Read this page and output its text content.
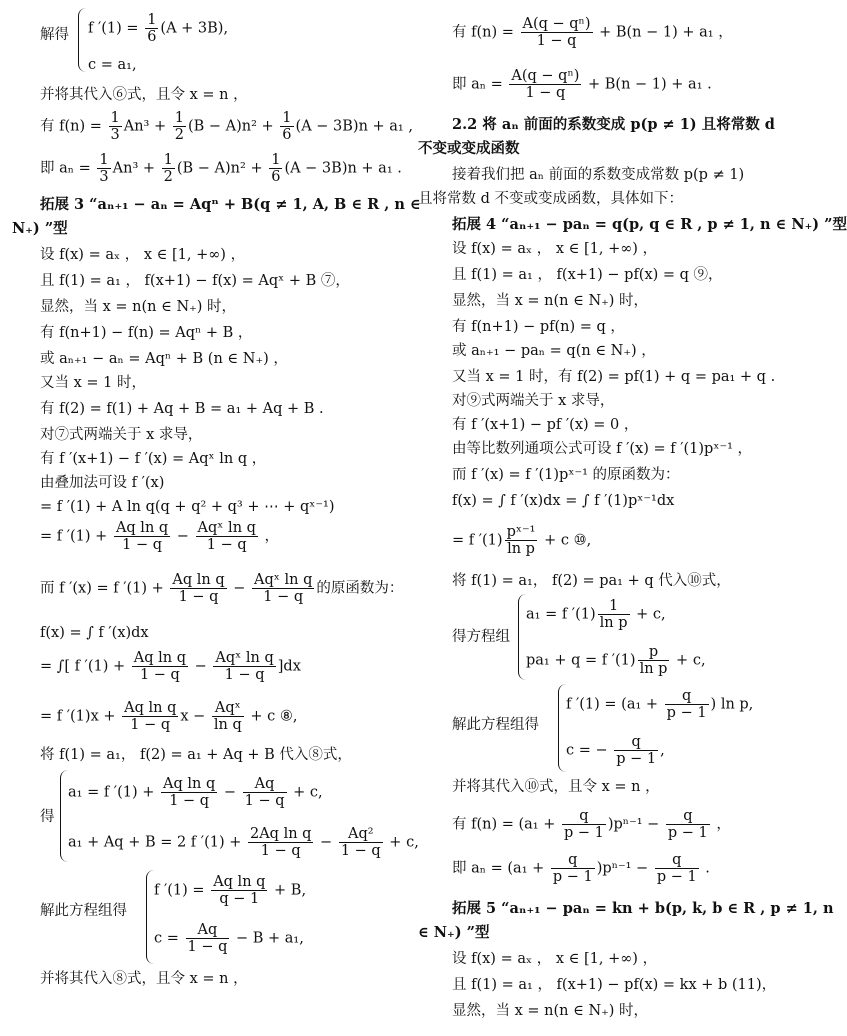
解得 f $'(1) = \frac{1}{6} (A + 3B)$,
c = a₁,
并将其代入⑥式，且令 x = n ，
有 $f(n) = \frac{1}{3} An^3 + \frac{1}{2} (B - A)n^2 + \frac{1}{6} (A - 3B)n + a_1$ ,
即 $a_n = \frac{1}{3} An^3 + \frac{1}{2} (B - A)n^2 + \frac{1}{6} (A - 3B)n + a_1$ .
拓展 3 “aₙ₊₁ − aₙ = Aqⁿ + B(q ≠ 1, A, B ∈ R , n ∈
N₊) ”型
设 f(x) = aₓ ， x ∈ [1, +∞) ，
且 f(1) = a₁ ， f(x+1) − f(x) = Aqˣ + B ⑦，
显然，当 x = n(n ∈ N₊) 时，
有 f(n+1) − f(n) = Aqⁿ + B ，
或 aₙ₊₁ − aₙ = Aqⁿ + B (n ∈ N₊) ，
又当 x = 1 时，
有 f(2) = f(1) + Aq + B = a₁ + Aq + B .
对⑦式两端关于 x 求导，
有 f ′(x+1) − f ′(x) = Aqˣ ln q ，
由叠加法可设 f ′(x)
= f ′(1) + A ln q(q + q² + q³ + ⋯ + qˣ⁻¹)
= f $'(1) + \frac{\text{Aq ln q}}{1 - q} - \frac{\text{Aqˣ ln q}}{1 - q}$ ，
而 f ′(x) = f $'(1) + \frac{\text{Aq ln q}}{1 - q} - \frac{\text{Aqˣ ln q}}{1 - q}$ 的原函数为：
f(x) = ∫ f ′(x)dx
= ∫[ f $'(1) + \frac{\text{Aq ln q}}{1 - q} - \frac{\text{Aqˣ ln q}}{1 - q} ]dx$
= f $'(1)x + \frac{\text{Aq ln q}}{1 - q}$ $x - \frac{\text{Aqˣ}}{\text{ln q}} + c$ ⑧,
将 f(1) = a₁， f(2) = a₁ + Aq + B 代入⑧式，
得
a₁ = f $'(1) + \frac{\text{Aq ln q}}{1 - q} - \frac{Aq}{1 - q} + c$,
a₁ + Aq + B = 2 f $'(1) + \frac{\text{2Aq ln q}}{1 - q} - \frac{\text{Aq²}}{1 - q} + c$,
解此方程组得
f $'(1) = \frac{\text{Aq ln q}}{q - 1} + B$,
$c = \frac{Aq}{1 - q} - B + a_1$,
并将其代入⑧式，且令 x = n ，
有 $f(n) = \frac{\text{A(q − qⁿ)}}{1 - q} + B(n - 1) + a_1$ ，
即 $a_n = \frac{\text{A(q − qⁿ)}}{1 - q} + B(n - 1) + a_1$ .
2.2 将 aₙ 前面的系数变成 p(p ≠ 1) 且将常数 d
不变或变成函数
接着我们把 aₙ 前面的系数变成常数 p(p ≠ 1)
且将常数 d 不变或变成函数，具体如下：
拓展 4 “aₙ₊₁ − paₙ = q(p, q ∈ R , p ≠ 1, n ∈ N₊) ”型
设 f(x) = aₓ ， x ∈ [1, +∞) ，
且 f(1) = a₁ ， f(x+1) − pf(x) = q ⑨，
显然，当 x = n(n ∈ N₊) 时，
有 f(n+1) − pf(n) = q ，
或 aₙ₊₁ − paₙ = q(n ∈ N₊) ，
又当 x = 1 时，有 f(2) = pf(1) + q = pa₁ + q .
对⑨式两端关于 x 求导，
有 f ′(x+1) − pf ′(x) = 0 ，
由等比数列通项公式可设 f ′(x) = f ′(1)pˣ⁻¹ ，
而 f ′(x) = f ′(1)pˣ⁻¹ 的原函数为：
f(x) = ∫ f ′(x)dx = ∫ f ′(1)pˣ⁻¹dx
= f $'(1) \frac{\text{pˣ⁻¹}}{\text{ln p}} + c$ ⑩,
将 f(1) = a₁， f(2) = pa₁ + q 代入⑩式，
得方程组
a₁ = f $'(1) \frac{1}{\text{ln p}} + c$,
pa₁ + q = f $'(1) \frac{p}{\text{ln p}} + c$,
解此方程组得
f $'(1) = (a_1 + \frac{q}{p - 1}$ ) ln p,
c = − $\frac{q}{p - 1}$ ,
并将其代入⑩式，且令 x = n ，
有 $f(n) = (a_1 + \frac{q}{p - 1} )p^{n-1} - \frac{q}{p - 1}$ ，
即 $a_n = (a_1 + \frac{q}{p - 1} )p^{n-1} - \frac{q}{p - 1}$ .
拓展 5 “aₙ₊₁ − paₙ = kn + b(p, k, b ∈ R , p ≠ 1, n
∈ N₊) ”型
设 f(x) = aₓ ， x ∈ [1, +∞) ，
且 f(1) = a₁ ， f(x+1) − pf(x) = kx + b (11)，
显然，当 x = n(n ∈ N₊) 时，
